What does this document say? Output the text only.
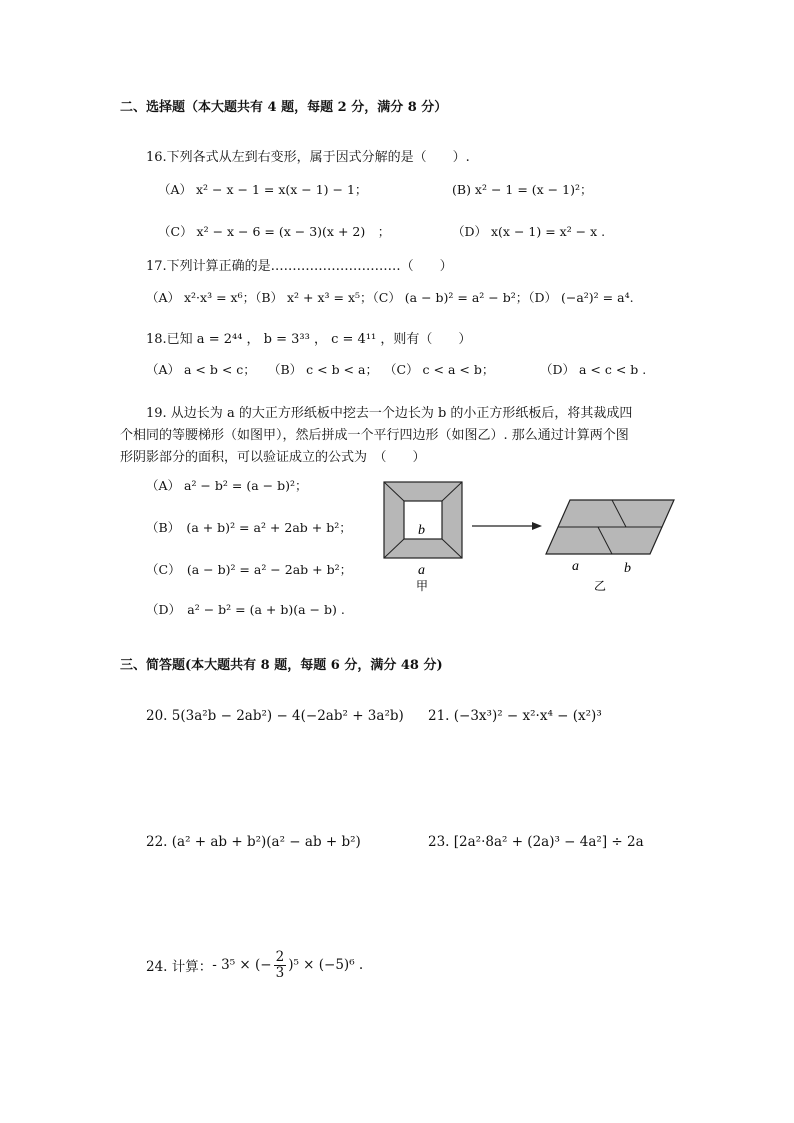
二、选择题（本大题共有 4 题，每题 2 分，满分 8 分）
16.下列各式从左到右变形，属于因式分解的是（　　）.
（A） x² − x − 1 = x(x − 1) − 1；	(B) x² − 1 = (x − 1)²；
（C） x² − x − 6 = (x − 3)(x + 2)　；	（D） x(x − 1) = x² − x .
17.下列计算正确的是…………………………（　　）
（A） x²·x³ = x⁶；（B） x² + x³ = x⁵；（C） (a − b)² = a² − b²；（D） (−a²)² = a⁴.
18.已知 a = 2⁴⁴ ， b = 3³³ ， c = 4¹¹ ，则有（　　）
（A） a < b < c； （B） c < b < a； （C） c < a < b；	（D） a < c < b .
19. 从边长为 a 的大正方形纸板中挖去一个边长为 b 的小正方形纸板后，将其裁成四
个相同的等腰梯形（如图甲），然后拼成一个平行四边形（如图乙）. 那么通过计算两个图
形阴影部分的面积，可以验证成立的公式为　（　　）
（A） a² − b² = (a − b)²；
（B）　(a + b)² = a² + 2ab + b²；
（C）　(a − b)² = a² − 2ab + b²；
（D）　a² − b² = (a + b)(a − b) .
b
a
甲
a	b
乙
三、简答题(本大题共有 8 题，每题 6 分，满分 48 分)
20. 5(3a²b − 2ab²) − 4(−2ab² + 3a²b) 21. (−3x³)² − x²·x⁴ − (x²)³
22. (a² + ab + b²)(a² − ab + b²)	23. [2a²·8a² + (2a)³ − 4a²] ÷ 2a
24. 计算： - 3⁵ × (− $\frac{2}{3} )^5 \times (-5)^6$ .
